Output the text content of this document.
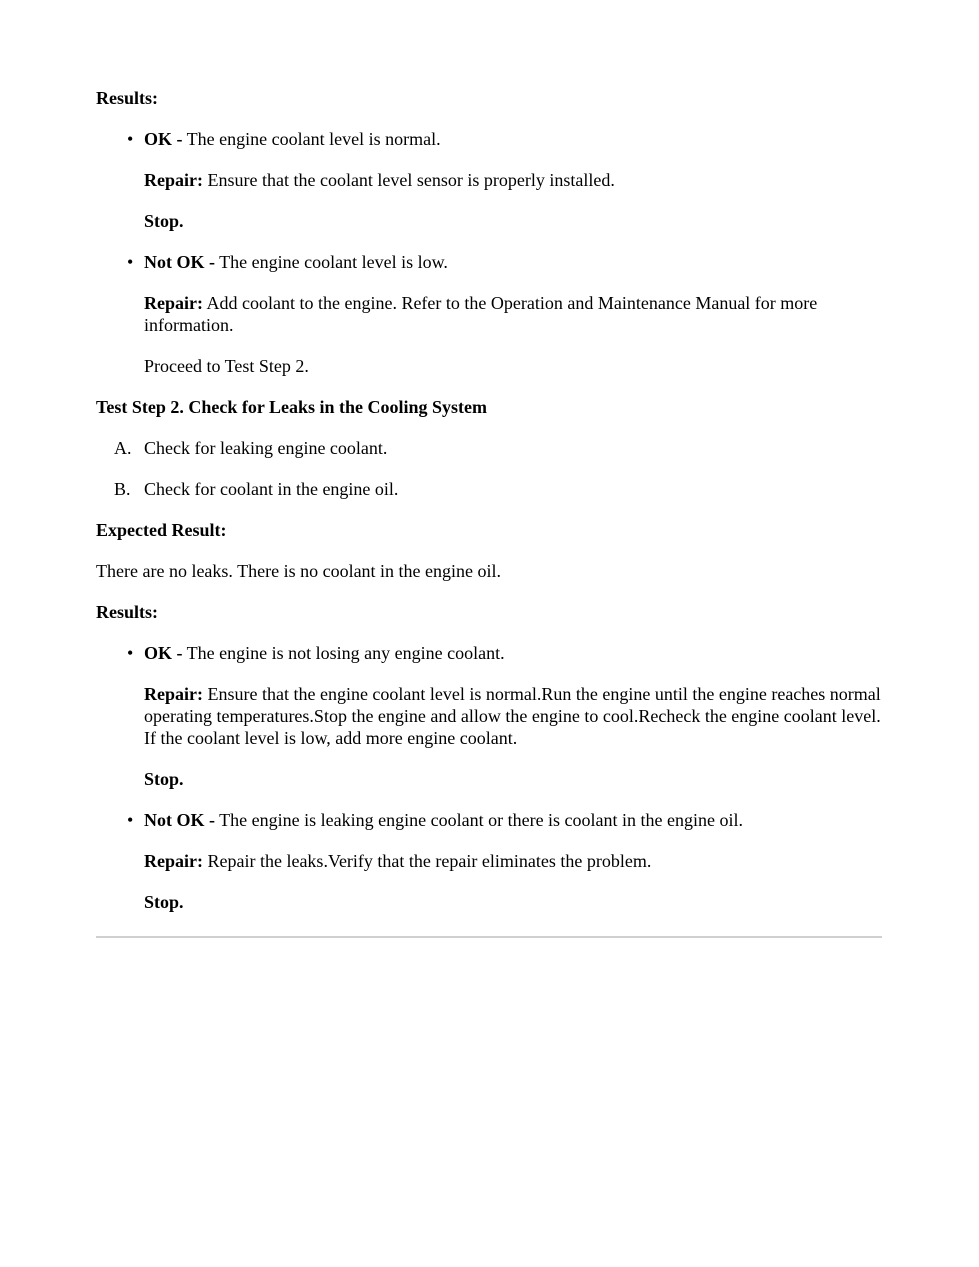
Results:

• OK - The engine coolant level is normal.

Repair: Ensure that the coolant level sensor is properly installed.

Stop.

• Not OK - The engine coolant level is low.

Repair: Add coolant to the engine. Refer to the Operation and Maintenance Manual for more information.

Proceed to Test Step 2.

Test Step 2. Check for Leaks in the Cooling System

A. Check for leaking engine coolant.

B. Check for coolant in the engine oil.

Expected Result:

There are no leaks. There is no coolant in the engine oil.

Results:

• OK - The engine is not losing any engine coolant.

Repair: Ensure that the engine coolant level is normal.Run the engine until the engine reaches normal operating temperatures.Stop the engine and allow the engine to cool.Recheck the engine coolant level. If the coolant level is low, add more engine coolant.

Stop.

• Not OK - The engine is leaking engine coolant or there is coolant in the engine oil.

Repair: Repair the leaks.Verify that the repair eliminates the problem.

Stop.
